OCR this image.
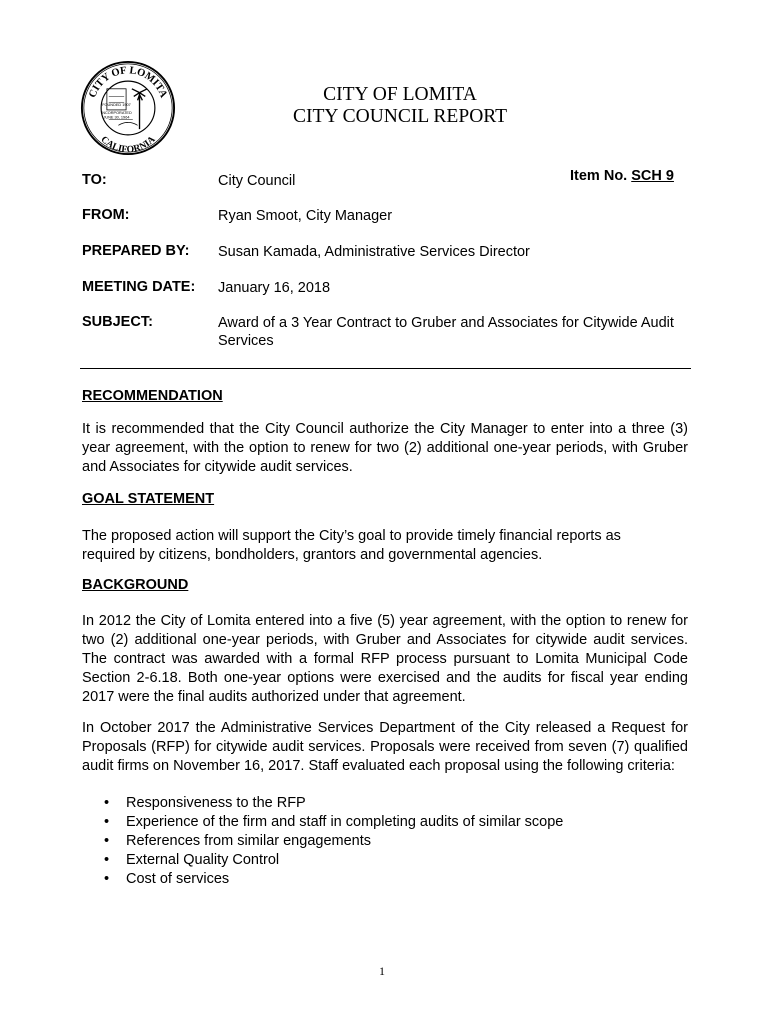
CITY OF LOMITA
CALIFORNIA
FOUNDED 1907
INCORPORATED
JUNE 30, 1964
CITY OF LOMITA
CITY COUNCIL REPORT
TO:	City Council	Item No. SCH 9
FROM:	Ryan Smoot, City Manager
PREPARED BY: Susan Kamada, Administrative Services Director
MEETING DATE: January 16, 2018
SUBJECT:	Award of a 3 Year Contract to Gruber and Associates for Citywide Audit Services
RECOMMENDATION
It is recommended that the City Council authorize the City Manager to enter into a three (3) year agreement, with the option to renew for two (2) additional one-year periods, with Gruber and Associates for citywide audit services.
GOAL STATEMENT
The proposed action will support the City’s goal to provide timely financial reports as required by citizens, bondholders, grantors and governmental agencies.
BACKGROUND
In 2012 the City of Lomita entered into a five (5) year agreement, with the option to renew for two (2) additional one-year periods, with Gruber and Associates for citywide audit services. The contract was awarded with a formal RFP process pursuant to Lomita Municipal Code Section 2-6.18. Both one-year options were exercised and the audits for fiscal year ending 2017 were the final audits authorized under that agreement.
In October 2017 the Administrative Services Department of the City released a Request for Proposals (RFP) for citywide audit services. Proposals were received from seven (7) qualified audit firms on November 16, 2017. Staff evaluated each proposal using the following criteria:
• Responsiveness to the RFP
• Experience of the firm and staff in completing audits of similar scope
• References from similar engagements
• External Quality Control
• Cost of services
1
